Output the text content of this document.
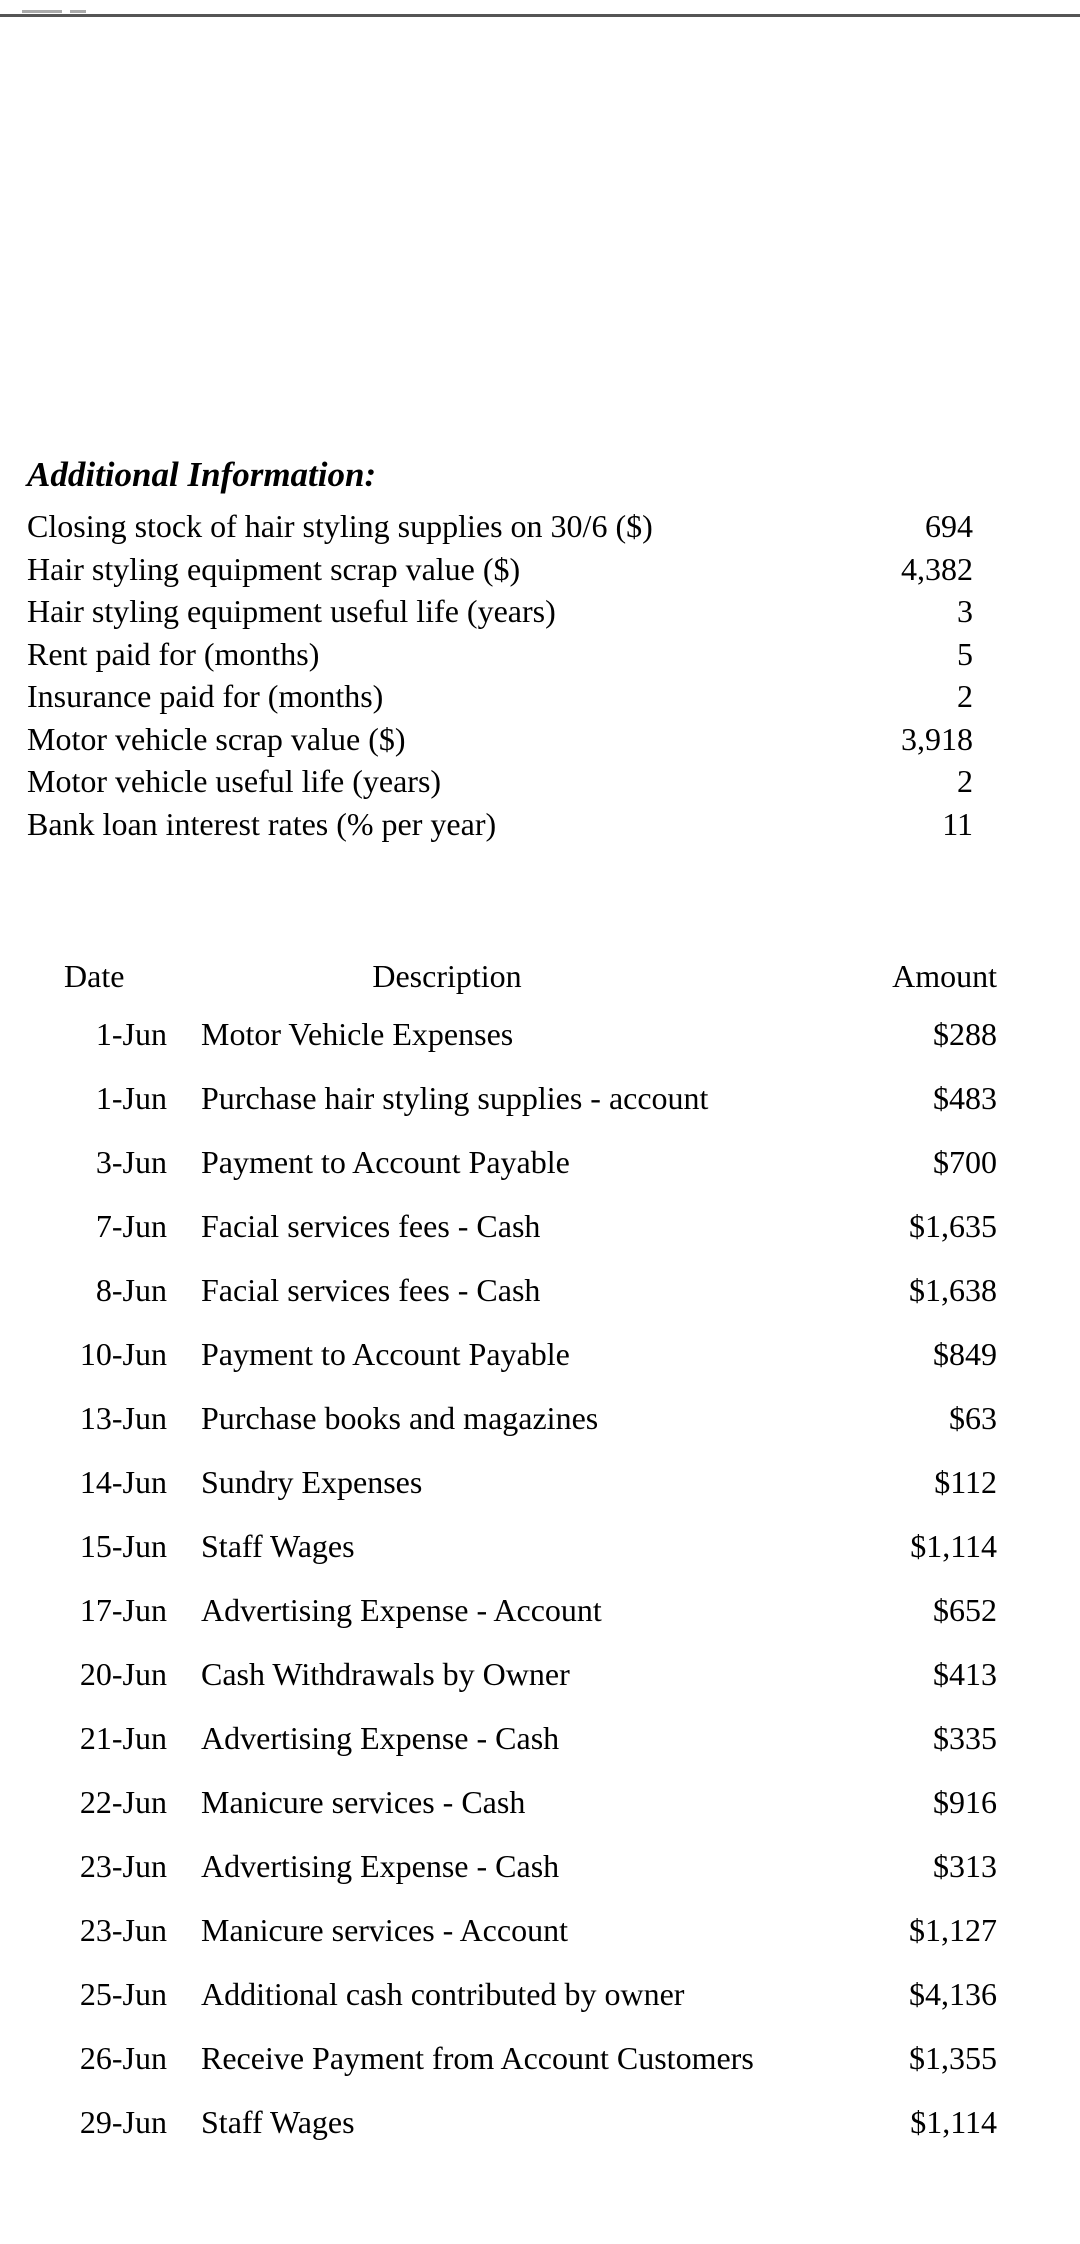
Additional Information:
Closing stock of hair styling supplies on 30/6 ($)	694
Hair styling equipment scrap value ($)	4,382
Hair styling equipment useful life (years)	3
Rent paid for (months)	5
Insurance paid for (months)	2
Motor vehicle scrap value ($)	3,918
Motor vehicle useful life (years)	2
Bank loan interest rates (% per year)	11
Date	Description	Amount	
1-Jun	Motor Vehicle Expenses	$288	
1-Jun	Purchase hair styling supplies - account	$483	
3-Jun	Payment to Account Payable	$700	
7-Jun	Facial services fees - Cash	$1,635	
8-Jun	Facial services fees - Cash	$1,638	
10-Jun	Payment to Account Payable	$849	
13-Jun	Purchase books and magazines	$63	
14-Jun	Sundry Expenses	$112	
15-Jun	Staff Wages	$1,114	
17-Jun	Advertising Expense - Account	$652	
20-Jun	Cash Withdrawals by Owner	$413	
21-Jun	Advertising Expense - Cash	$335	
22-Jun	Manicure services - Cash	$916	
23-Jun	Advertising Expense - Cash	$313	
23-Jun	Manicure services - Account	$1,127	
25-Jun	Additional cash contributed by owner	$4,136	
26-Jun	Receive Payment from Account Customers	$1,355	
29-Jun	Staff Wages	$1,114	
